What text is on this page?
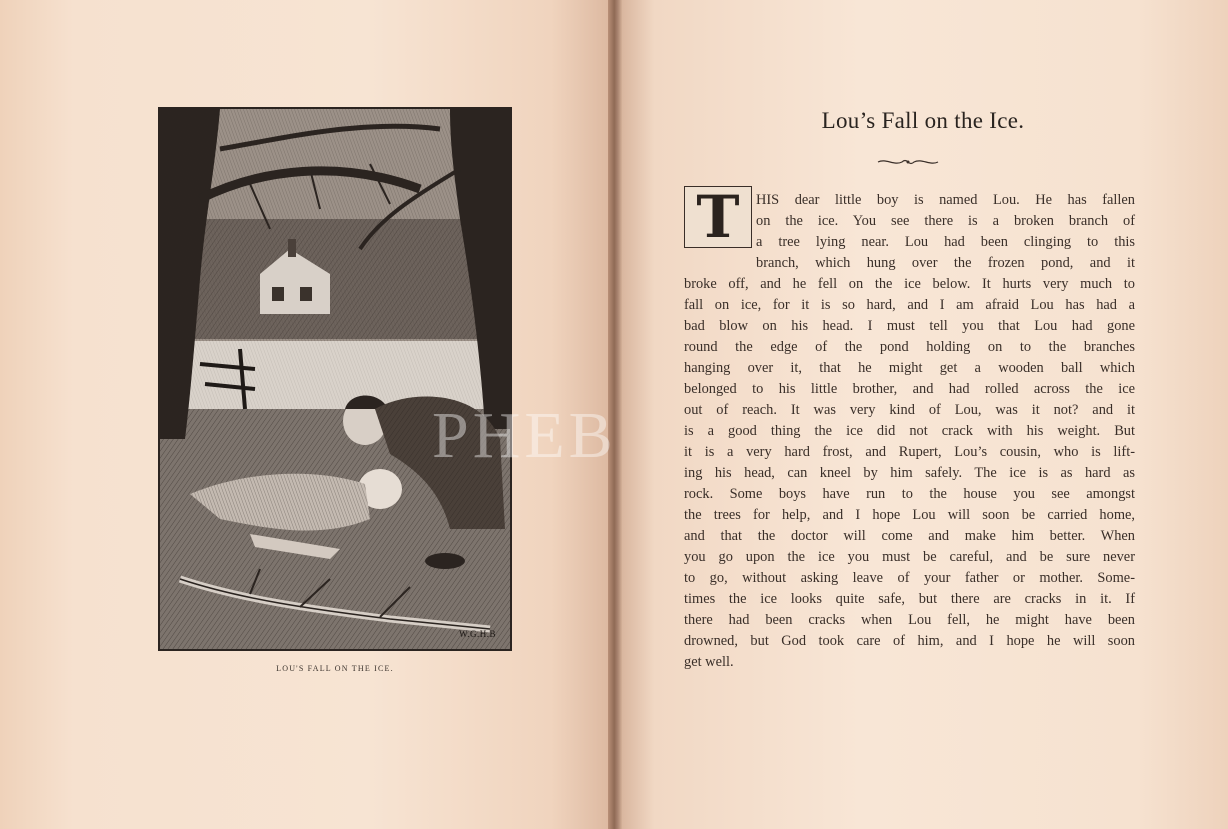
W.G.H.B
LOU'S FALL ON THE ICE.
Lou’s Fall on the Ice.
T	HIS dear little boy is named Lou. He has fallen
on the ice. You see there is a broken branch of
a tree lying near. Lou had been clinging to this
branch, which hung over the frozen pond, and it
broke off, and he fell on the ice below. It hurts very much to
fall on ice, for it is so hard, and I am afraid Lou has had a
bad blow on his head. I must tell you that Lou had gone
round the edge of the pond holding on to the branches
hanging over it, that he might get a wooden ball which
belonged to his little brother, and had rolled across the ice
out of reach. It was very kind of Lou, was it not? and it
is a good thing the ice did not crack with his weight. But
it is a very hard frost, and Rupert, Lou’s cousin, who is lift-
ing his head, can kneel by him safely. The ice is as hard as
rock. Some boys have run to the house you see amongst
the trees for help, and I hope Lou will soon be carried home,
and that the doctor will come and make him better. When
you go upon the ice you must be careful, and be sure never
to go, without asking leave of your father or mother. Some-
times the ice looks quite safe, but there are cracks in it. If
there had been cracks when Lou fell, he might have been
drowned, but God took care of him, and I hope he will soon
get well.
PHEB
